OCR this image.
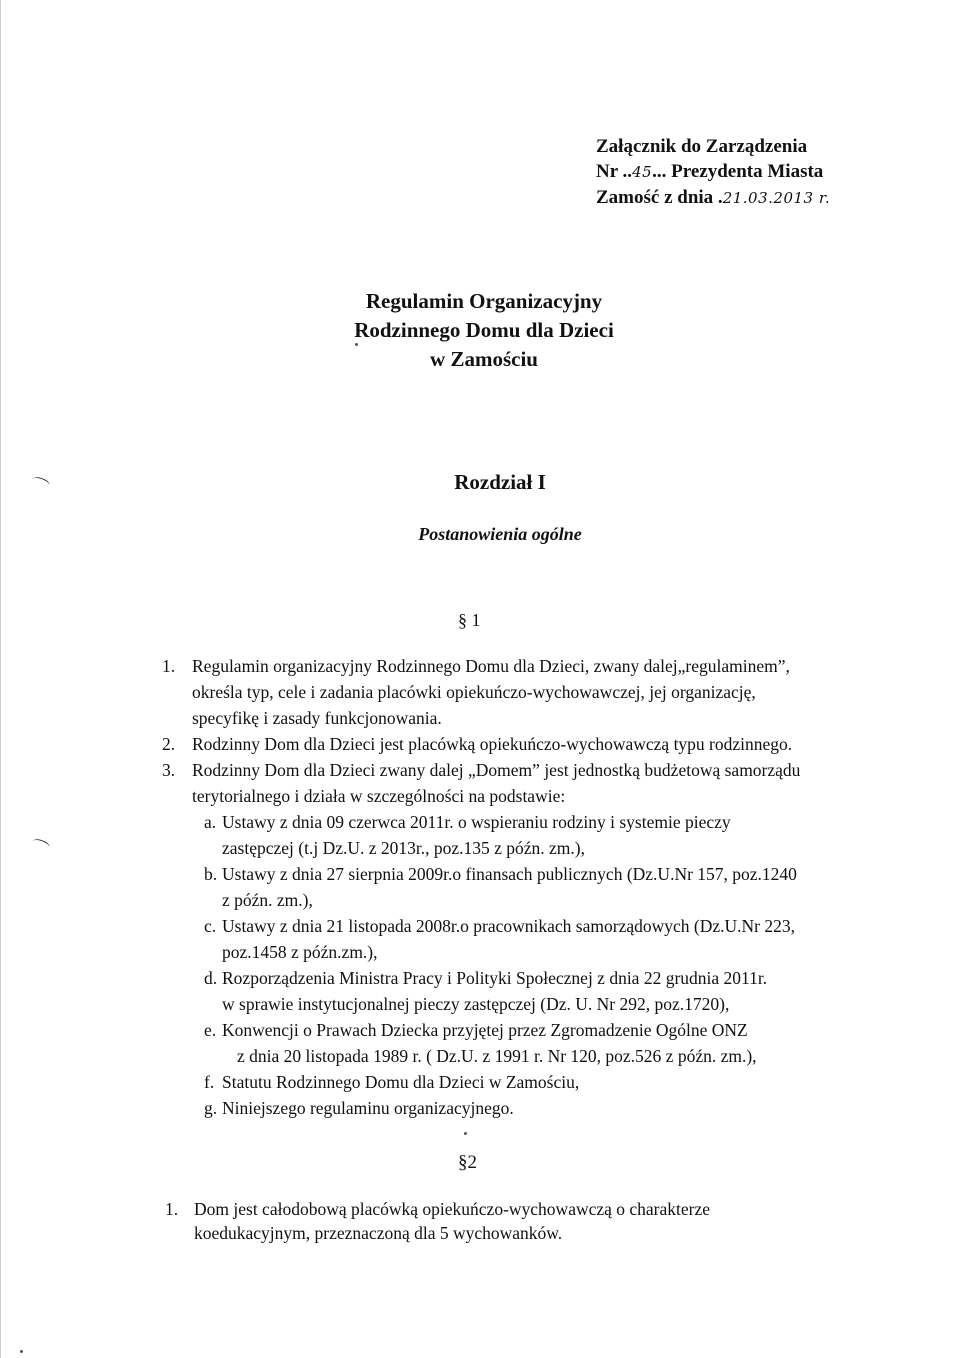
Załącznik do Zarządzenia
Nr ..45... Prezydenta Miasta
Zamość z dnia .21.03.2013 r.
Regulamin Organizacyjny
Rodzinnego Domu dla Dzieci
w Zamościu
Rozdział I
Postanowienia ogólne
§ 1
1. Regulamin organizacyjny Rodzinnego Domu dla Dzieci, zwany dalej„regulaminem”,
określa typ, cele i zadania placówki opiekuńczo-wychowawczej, jej organizację,
specyfikę i zasady funkcjonowania.
2. Rodzinny Dom dla Dzieci jest placówką opiekuńczo-wychowawczą typu rodzinnego.
3. Rodzinny Dom dla Dzieci zwany dalej „Domem” jest jednostką budżetową samorządu
terytorialnego i działa w szczególności na podstawie:
a. Ustawy z dnia 09 czerwca 2011r. o wspieraniu rodziny i systemie pieczy
zastępczej (t.j Dz.U. z 2013r., poz.135 z późn. zm.),
b. Ustawy z dnia 27 sierpnia 2009r.o finansach publicznych (Dz.U.Nr 157, poz.1240
z późn. zm.),
c. Ustawy z dnia 21 listopada 2008r.o pracownikach samorządowych (Dz.U.Nr 223,
poz.1458 z późn.zm.),
d. Rozporządzenia Ministra Pracy i Polityki Społecznej z dnia 22 grudnia 2011r.
w sprawie instytucjonalnej pieczy zastępczej (Dz. U. Nr 292, poz.1720),
e. Konwencji o Prawach Dziecka przyjętej przez Zgromadzenie Ogólne ONZ
z dnia 20 listopada 1989 r. ( Dz.U. z 1991 r. Nr 120, poz.526 z późn. zm.),
f. Statutu Rodzinnego Domu dla Dzieci w Zamościu,
g. Niniejszego regulaminu organizacyjnego.
§2
1. Dom jest całodobową placówką opiekuńczo-wychowawczą o charakterze
koedukacyjnym, przeznaczoną dla 5 wychowanków.
